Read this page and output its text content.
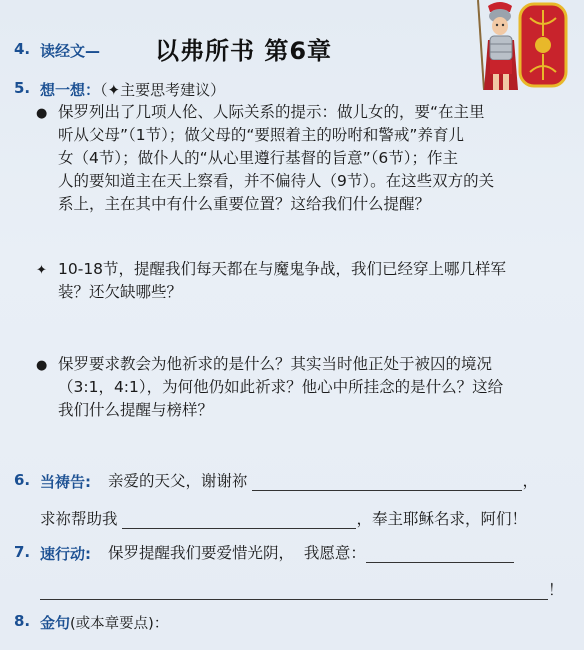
4. 读经文— 以弗所书 第6章
5. 想一想：（✦主要思考建议）
● 保罗列出了几项人伦、人际关系的提示：做儿女的，要“在主里
听从父母”（1节）；做父母的“要照着主的吩咐和警戒”养育儿
女（4节）；做仆人的“从心里遵行基督的旨意”（6节）；作主
人的要知道主在天上察看，并不偏待人（9节）。在这些双方的关
系上，主在其中有什么重要位置？这给我们什么提醒？
✦ 10-18节，提醒我们每天都在与魔鬼争战，我们已经穿上哪几样军
装？还欠缺哪些？
● 保罗要求教会为他祈求的是什么？其实当时他正处于被囚的境况
（3:1，4:1），为何他仍如此祈求？他心中所挂念的是什么？这给
我们什么提醒与榜样？
6. 当祷告: 亲爱的天父，谢谢祢	，
求祢帮助我	，奉主耶稣名求，阿们！
7. 速行动: 保罗提醒我们要爱惜光阴，  我愿意：
！
8. 金句(或本章要点)：
